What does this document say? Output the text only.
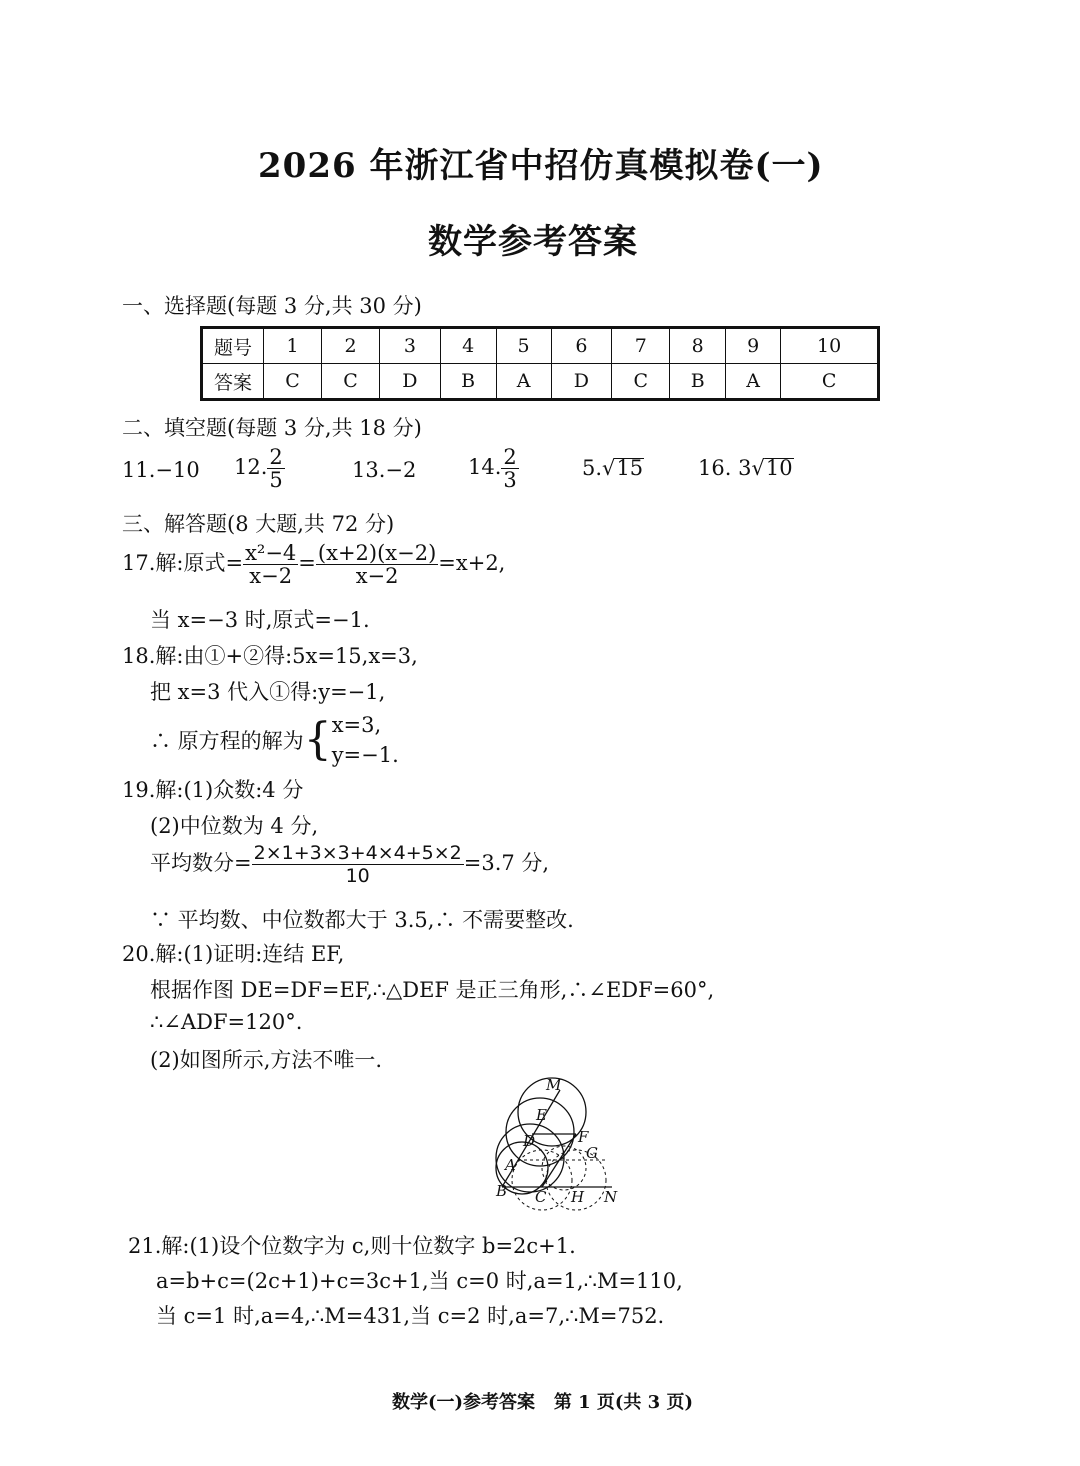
2026 年浙江省中招仿真模拟卷(一)
数学参考答案
一、选择题(每题 3 分,共 30 分)
题号	1	2	3	4	5	6	7	8	9	10
答案	C	C	D	B	A	D	C	B	A	C
二、填空题(每题 3 分,共 18 分)
11.−10 12. $\frac{2}{5}$	13.−2 14. $\frac{2}{3}$	5.√15	16. 3√10
三、解答题(8 大题,共 72 分)
17.解:原式= $\frac{\text{x²−4}}{x-2} = \frac{(x+2)(x-2)}{x-2} =x+2$,
当 x=−3 时,原式=−1.
18.解:由①+②得:5x=15,x=3,
把 x=3 代入①得:y=−1,
∴ 原方程的解为{ x=3,
y=−1.
19.解:(1)众数:4 分
(2)中位数为 4 分,
平均数分= $\frac{2\times 1+3\times 3+4\times 4+5\times 2}{10} =3.7$ 分,
∵ 平均数、中位数都大于 3.5,∴ 不需要整改.
20.解:(1)证明:连结 EF,
根据作图 DE=DF=EF,∴△DEF 是正三角形,∴∠EDF=60°,
∴∠ADF=120°.
(2)如图所示,方法不唯一.
M
E
D	F
G
A
B C H N
21.解:(1)设个位数字为 c,则十位数字 b=2c+1.
a=b+c=(2c+1)+c=3c+1,当 c=0 时,a=1,∴M=110,
当 c=1 时,a=4,∴M=431,当 c=2 时,a=7,∴M=752.
数学(一)参考答案   第 1 页(共 3 页)
